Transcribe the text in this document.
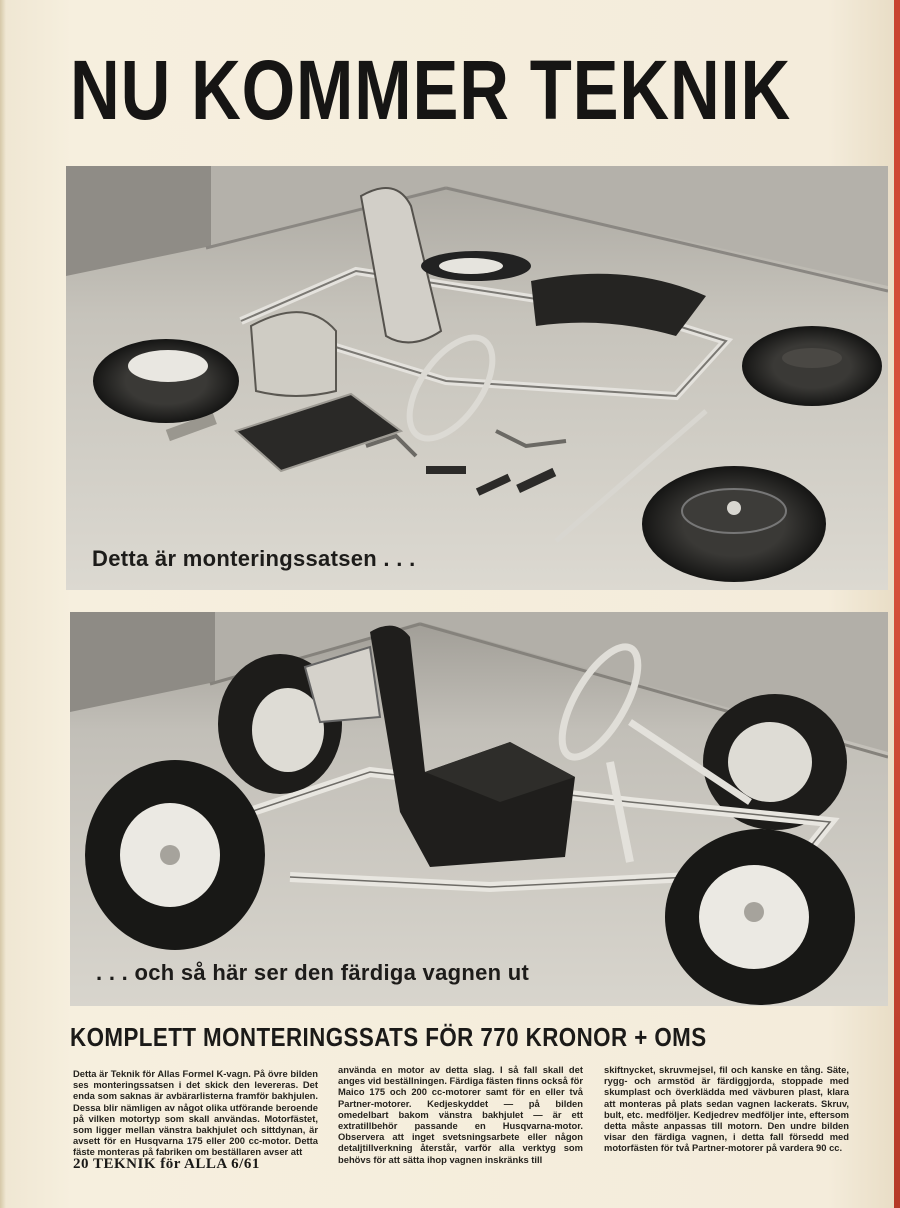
NU KOMMER TEKNIK
Detta är monteringssatsen . . .
. . . och så här ser den färdiga vagnen ut
KOMPLETT MONTERINGSSATS FÖR 770 KRONOR + OMS
Detta är Teknik för Allas Formel K-vagn. På övre bilden ses monteringssatsen i det skick den levereras. Det enda som saknas är avbärarlisterna framför bakhjulen. Dessa blir nämligen av något olika utförande beroende på vilken motortyp som skall användas. Motorfästet, som ligger mellan vänstra bakhjulet och sittdynan, är avsett för en Husqvarna 175 eller 200 cc-motor. Detta fäste monteras på fabriken om beställaren avser att
använda en motor av detta slag. I så fall skall det anges vid beställningen. Färdiga fästen finns också för Maico 175 och 200 cc-motorer samt för en eller två Partner-motorer. Kedjeskyddet — på bilden omedelbart bakom vänstra bakhjulet — är ett extratillbehör passande en Husqvarna-motor. Observera att inget svetsningsarbete eller någon detaljtillverkning återstår, varför alla verktyg som behövs för att sätta ihop vagnen inskränks till
skiftnycket, skruvmejsel, fil och kanske en tång. Säte, rygg- och armstöd är färdiggjorda, stoppade med skumplast och överklädda med vävburen plast, klara att monteras på plats sedan vagnen lackerats. Skruv, bult, etc. medföljer. Kedjedrev medföljer inte, eftersom detta måste anpassas till motorn. Den undre bilden visar den färdiga vagnen, i detta fall försedd med motorfästen för två Partner-motorer på vardera 90 cc.
20 TEKNIK för ALLA 6/61
